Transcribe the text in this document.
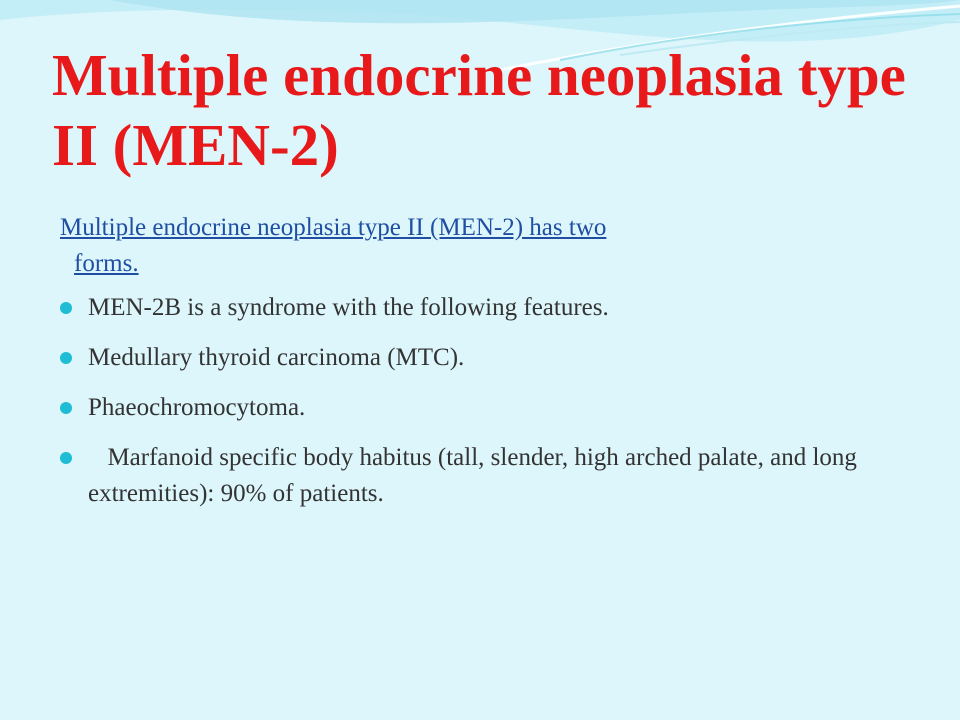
Multiple endocrine neoplasia type II (MEN-2)

Multiple endocrine neoplasia type II (MEN-2) has two

forms.

MEN-2B is a syndrome with the following features.
Medullary thyroid carcinoma (MTC).
Phaeochromocytoma.
 Marfanoid specific body habitus (tall, slender, high arched palate, and long extremities): 90% of patients.
